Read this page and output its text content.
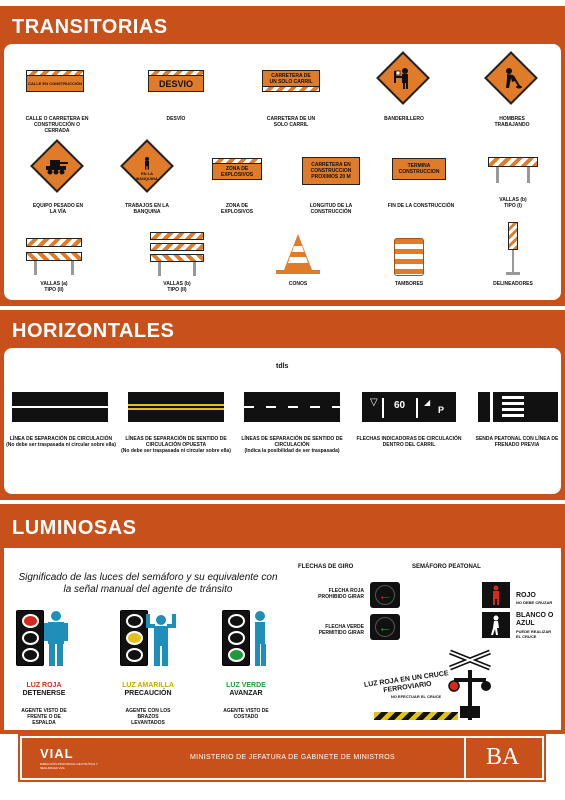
TRANSITORIAS
HORIZONTALES
LUMINOSAS
CALLE EN CONSTRUCCIÓN
CALLE O CARRETERA EN CONSTRUCCIÓN O CERRADA
DESVIO
DESVÍO
CARRETERA DE UN SOLO CARRIL
CARRETERA DE UN SOLO CARRIL
BANDERILLERO	HOMBRES TRABAJANDO
EQUIPO PESADO EN LA VÍA
EN LA BANQUINA
TRABAJOS EN LA BANQUINA
ZONA DE EXPLOSIVOS
ZONA DE EXPLOSIVOS
CARRETERA EN CONSTRUCCION PROXIMOS 20 M
LONGITUD DE LA CONSTRUCCIÓN
TERMINA CONSTRUCCION
FIN DE LA CONSTRUCCIÓN
VALLAS (b) TIPO (I)
VALLAS (a) TIPO (II)
VALLAS (b) TIPO (II)
CONOS	TAMBORES	DELINEADORES
tdls
▽ 60	P
◢
LÍNEA DE SEPARACIÓN DE CIRCULACIÓN
(No debe ser traspasada ni circular sobre ella)
LÍNEAS DE SEPARACIÓN DE SENTIDO DE CIRCULACIÓN OPUESTA
(No debe ser traspasada ni circular sobre ella)
LÍNEAS DE SEPARACIÓN DE SENTIDO DE CIRCULACIÓN
(Indica la posibilidad de ser traspasada)
FLECHAS INDICADORAS DE CIRCULACIÓN DENTRO DEL CARRIL
SENDA PEATONAL CON LÍNEA DE FRENADO PREVIA
Significado de las luces del semáforo y su equivalente con la señal manual del agente de tránsito
LUZ ROJA
DETENERSE
AGENTE VISTO DE FRENTE O DE ESPALDA
LUZ AMARILLA
PRECAUCIÓN
AGENTE CON LOS BRAZOS LEVANTADOS
LUZ VERDE
AVANZAR
AGENTE VISTO DE COSTADO
FLECHAS DE GIRO
FLECHA ROJA PROHIBIDO GIRAR ←
FLECHA VERDE PERMITIDO GIRAR ←
SEMÁFORO PEATONAL
ROJO
NO DEBE CRUZAR
BLANCO O AZUL
PUEDE REALIZAR EL CRUCE
LUZ ROJA EN UN CRUCE FERROVIARIO
NO EFECTUAR EL CRUCE
VIAL
DIRECCIÓN PROVINCIAL DE POLÍTICA Y SEGURIDAD VIAL
MINISTERIO DE JEFATURA DE GABINETE DE MINISTROS	BA
